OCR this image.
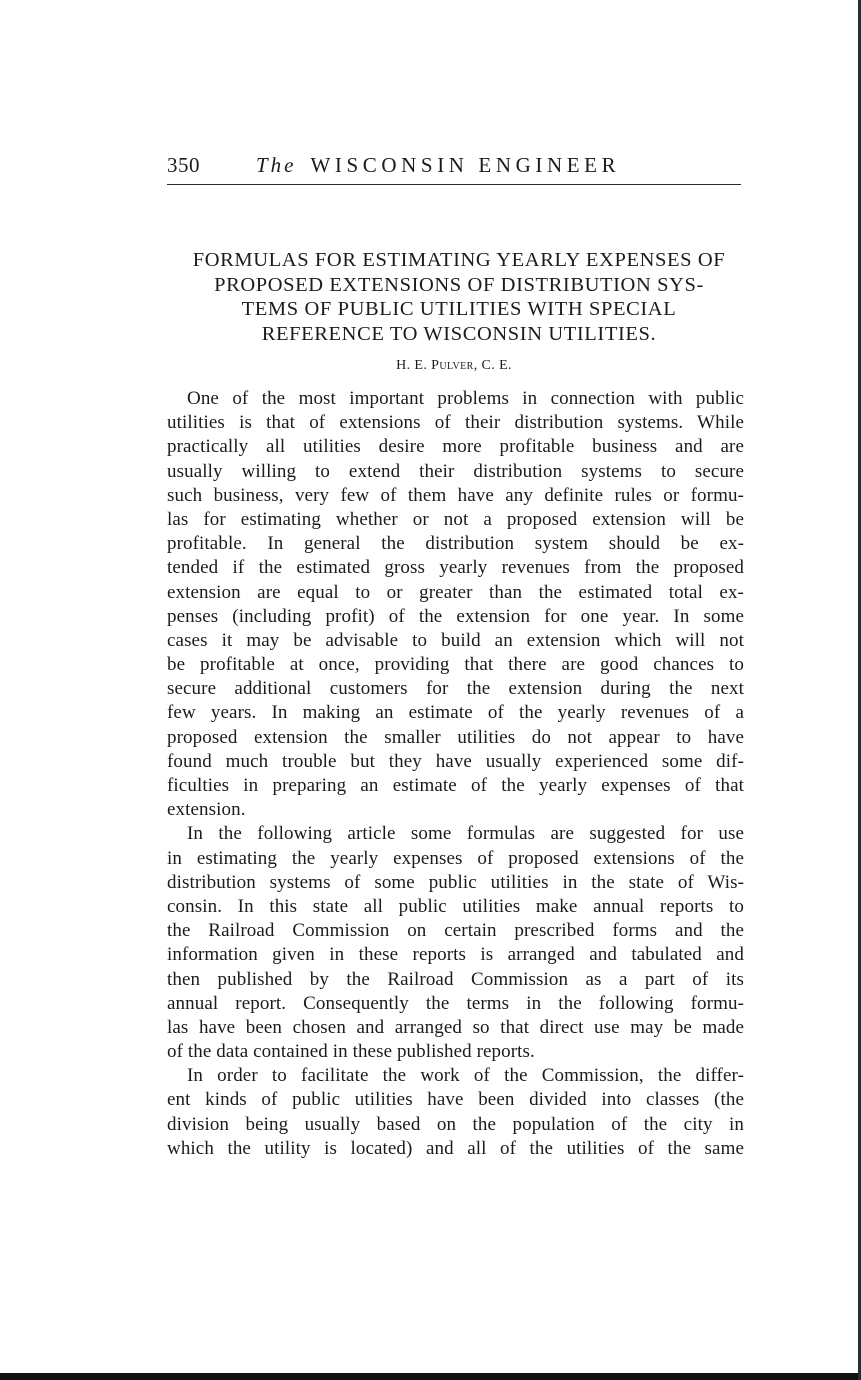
350	The WISCONSIN ENGINEER
FORMULAS FOR ESTIMATING YEARLY EXPENSES OF
PROPOSED EXTENSIONS OF DISTRIBUTION SYS-
TEMS OF PUBLIC UTILITIES WITH SPECIAL
REFERENCE TO WISCONSIN UTILITIES.
H. E. Pulver, C. E.
One of the most important problems in connection with public
utilities is that of extensions of their distribution systems. While
practically all utilities desire more profitable business and are
usually willing to extend their distribution systems to secure
such business, very few of them have any definite rules or formu-
las for estimating whether or not a proposed extension will be
profitable. In general the distribution system should be ex-
tended if the estimated gross yearly revenues from the proposed
extension are equal to or greater than the estimated total ex-
penses (including profit) of the extension for one year. In some
cases it may be advisable to build an extension which will not
be profitable at once, providing that there are good chances to
secure additional customers for the extension during the next
few years. In making an estimate of the yearly revenues of a
proposed extension the smaller utilities do not appear to have
found much trouble but they have usually experienced some dif-
ficulties in preparing an estimate of the yearly expenses of that
extension.
In the following article some formulas are suggested for use
in estimating the yearly expenses of proposed extensions of the
distribution systems of some public utilities in the state of Wis-
consin. In this state all public utilities make annual reports to
the Railroad Commission on certain prescribed forms and the
information given in these reports is arranged and tabulated and
then published by the Railroad Commission as a part of its
annual report. Consequently the terms in the following formu-
las have been chosen and arranged so that direct use may be made
of the data contained in these published reports.
In order to facilitate the work of the Commission, the differ-
ent kinds of public utilities have been divided into classes (the
division being usually based on the population of the city in
which the utility is located) and all of the utilities of the same
